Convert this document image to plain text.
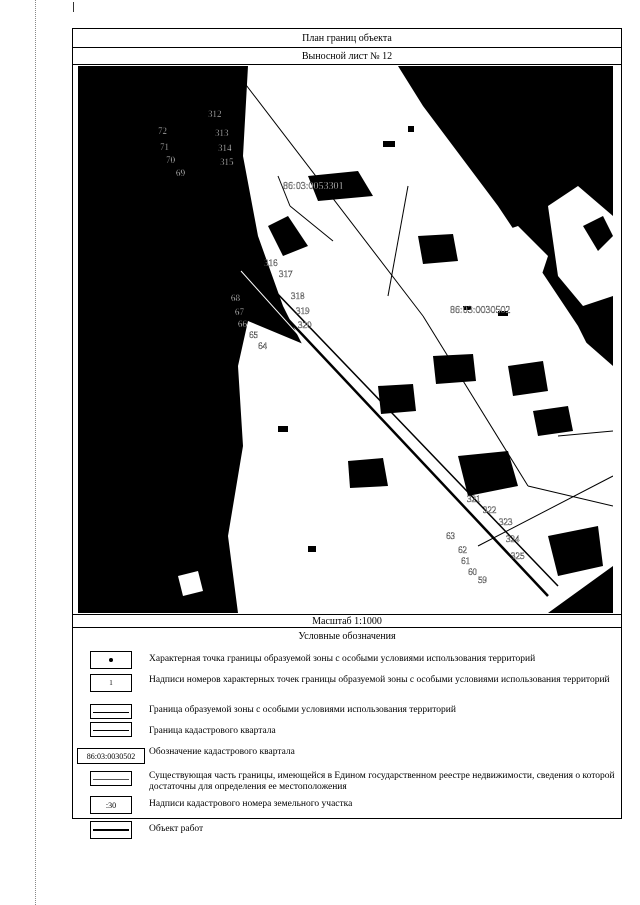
План границ объекта
Выносной лист № 12
312
313
314
315
72
71
70
69
316
317
318
319
320
68
67
66
65
64
321
322
323
324
325
63
62
61
60
59
86:03:0053301
86:03:0030502
Масштаб 1:1000
Условные обозначения
Характерная точка границы образуемой зоны с особыми условиями использования территорий
1	Надписи номеров характерных точек границы образуемой зоны с особыми условиями использования территорий
Граница образуемой зоны с особыми условиями использования территорий
Граница кадастрового квартала
86:03:0030502	Обозначение кадастрового квартала
Существующая часть границы, имеющейся в Едином государственном реестре недвижимости, сведения о которой достаточны для определения ее местоположения
:30	Надписи кадастрового номера земельного участка
Объект работ
